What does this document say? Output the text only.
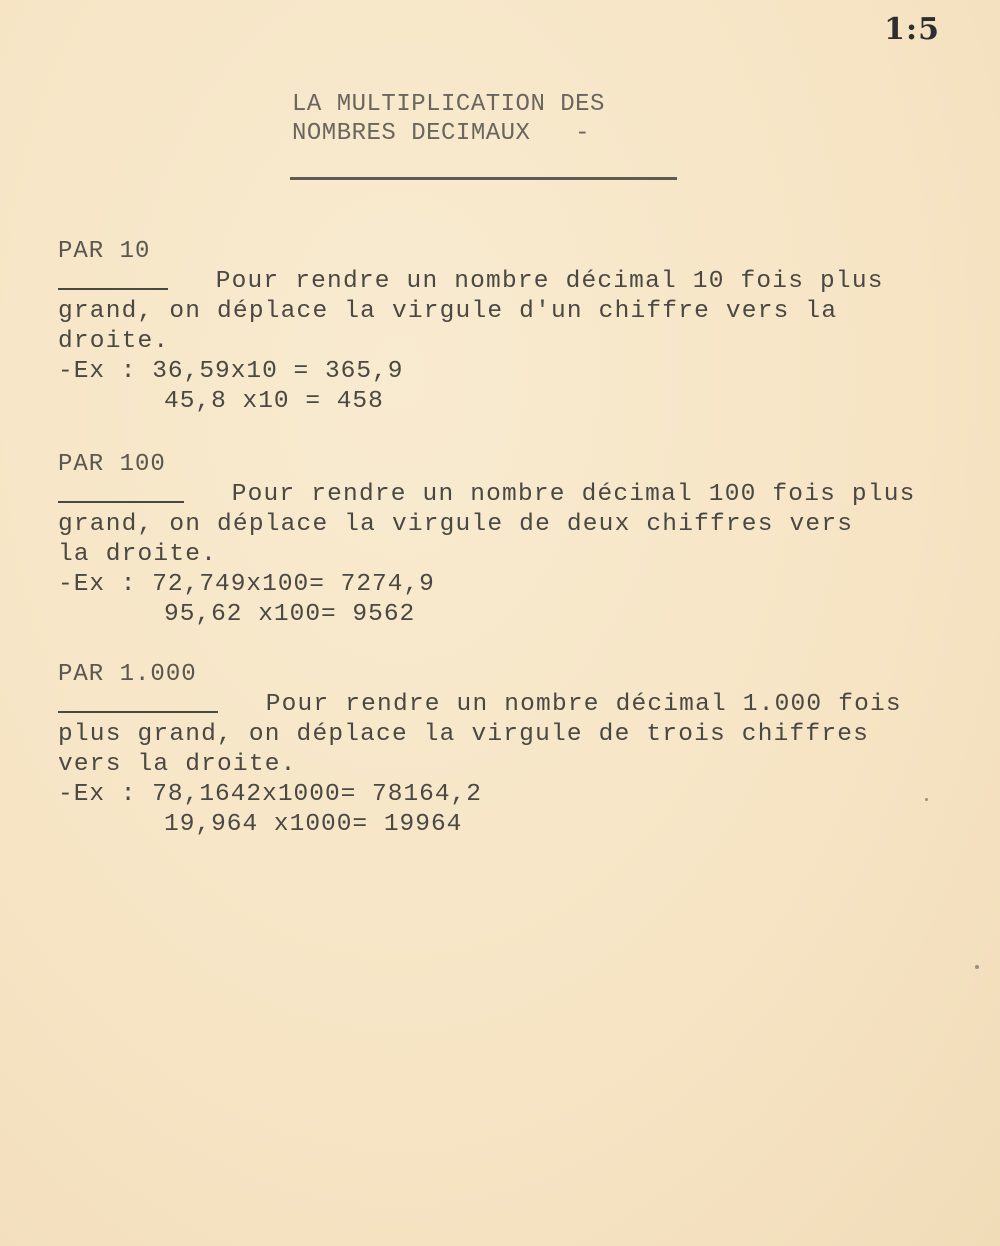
1:5
LA MULTIPLICATION DES
NOMBRES DECIMAUX   -
PAR 10
Pour rendre un nombre décimal 10 fois plus
grand, on déplace la virgule d'un chiffre vers la
droite.
-Ex : 36,59x10 = 365,9
45,8 x10 = 458
PAR 100
Pour rendre un nombre décimal 100 fois plus
grand, on déplace la virgule de deux chiffres vers
la droite.
-Ex : 72,749x100= 7274,9
95,62 x100= 9562
PAR 1.000
Pour rendre un nombre décimal 1.000 fois
plus grand, on déplace la virgule de trois chiffres
vers la droite.
-Ex : 78,1642x1000= 78164,2
19,964 x1000= 19964
